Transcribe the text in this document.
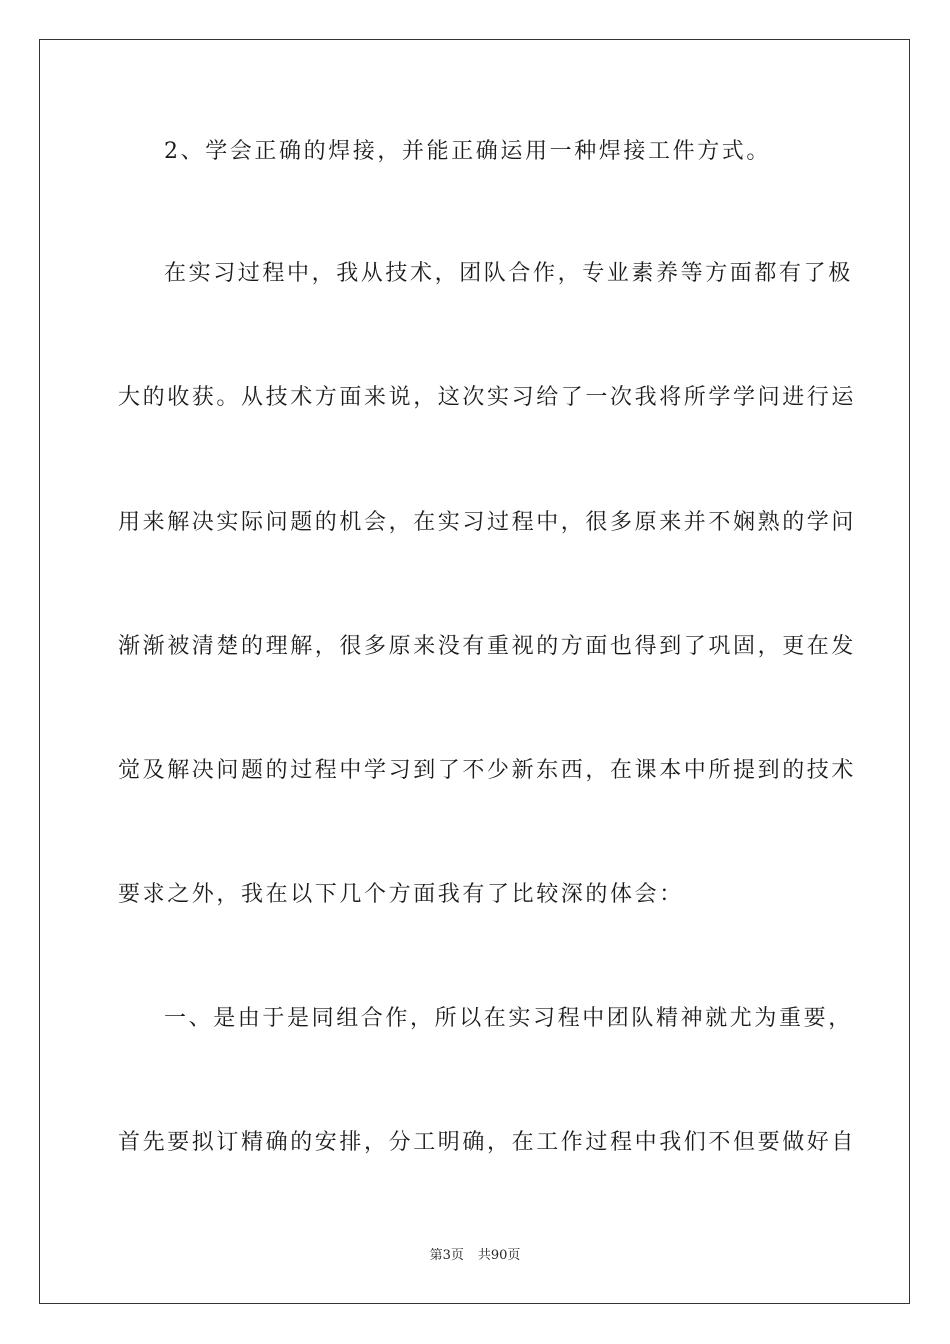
2、学会正确的焊接，并能正确运用一种焊接工件方式。
在实习过程中，我从技术，团队合作，专业素养等方面都有了极
大的收获。从技术方面来说，这次实习给了一次我将所学学问进行运
用来解决实际问题的机会，在实习过程中，很多原来并不娴熟的学问
渐渐被清楚的理解，很多原来没有重视的方面也得到了巩固，更在发
觉及解决问题的过程中学习到了不少新东西，在课本中所提到的技术
要求之外，我在以下几个方面我有了比较深的体会：
一、是由于是同组合作，所以在实习程中团队精神就尤为重要，
首先要拟订精确的安排，分工明确，在工作过程中我们不但要做好自
第3页 共90页
